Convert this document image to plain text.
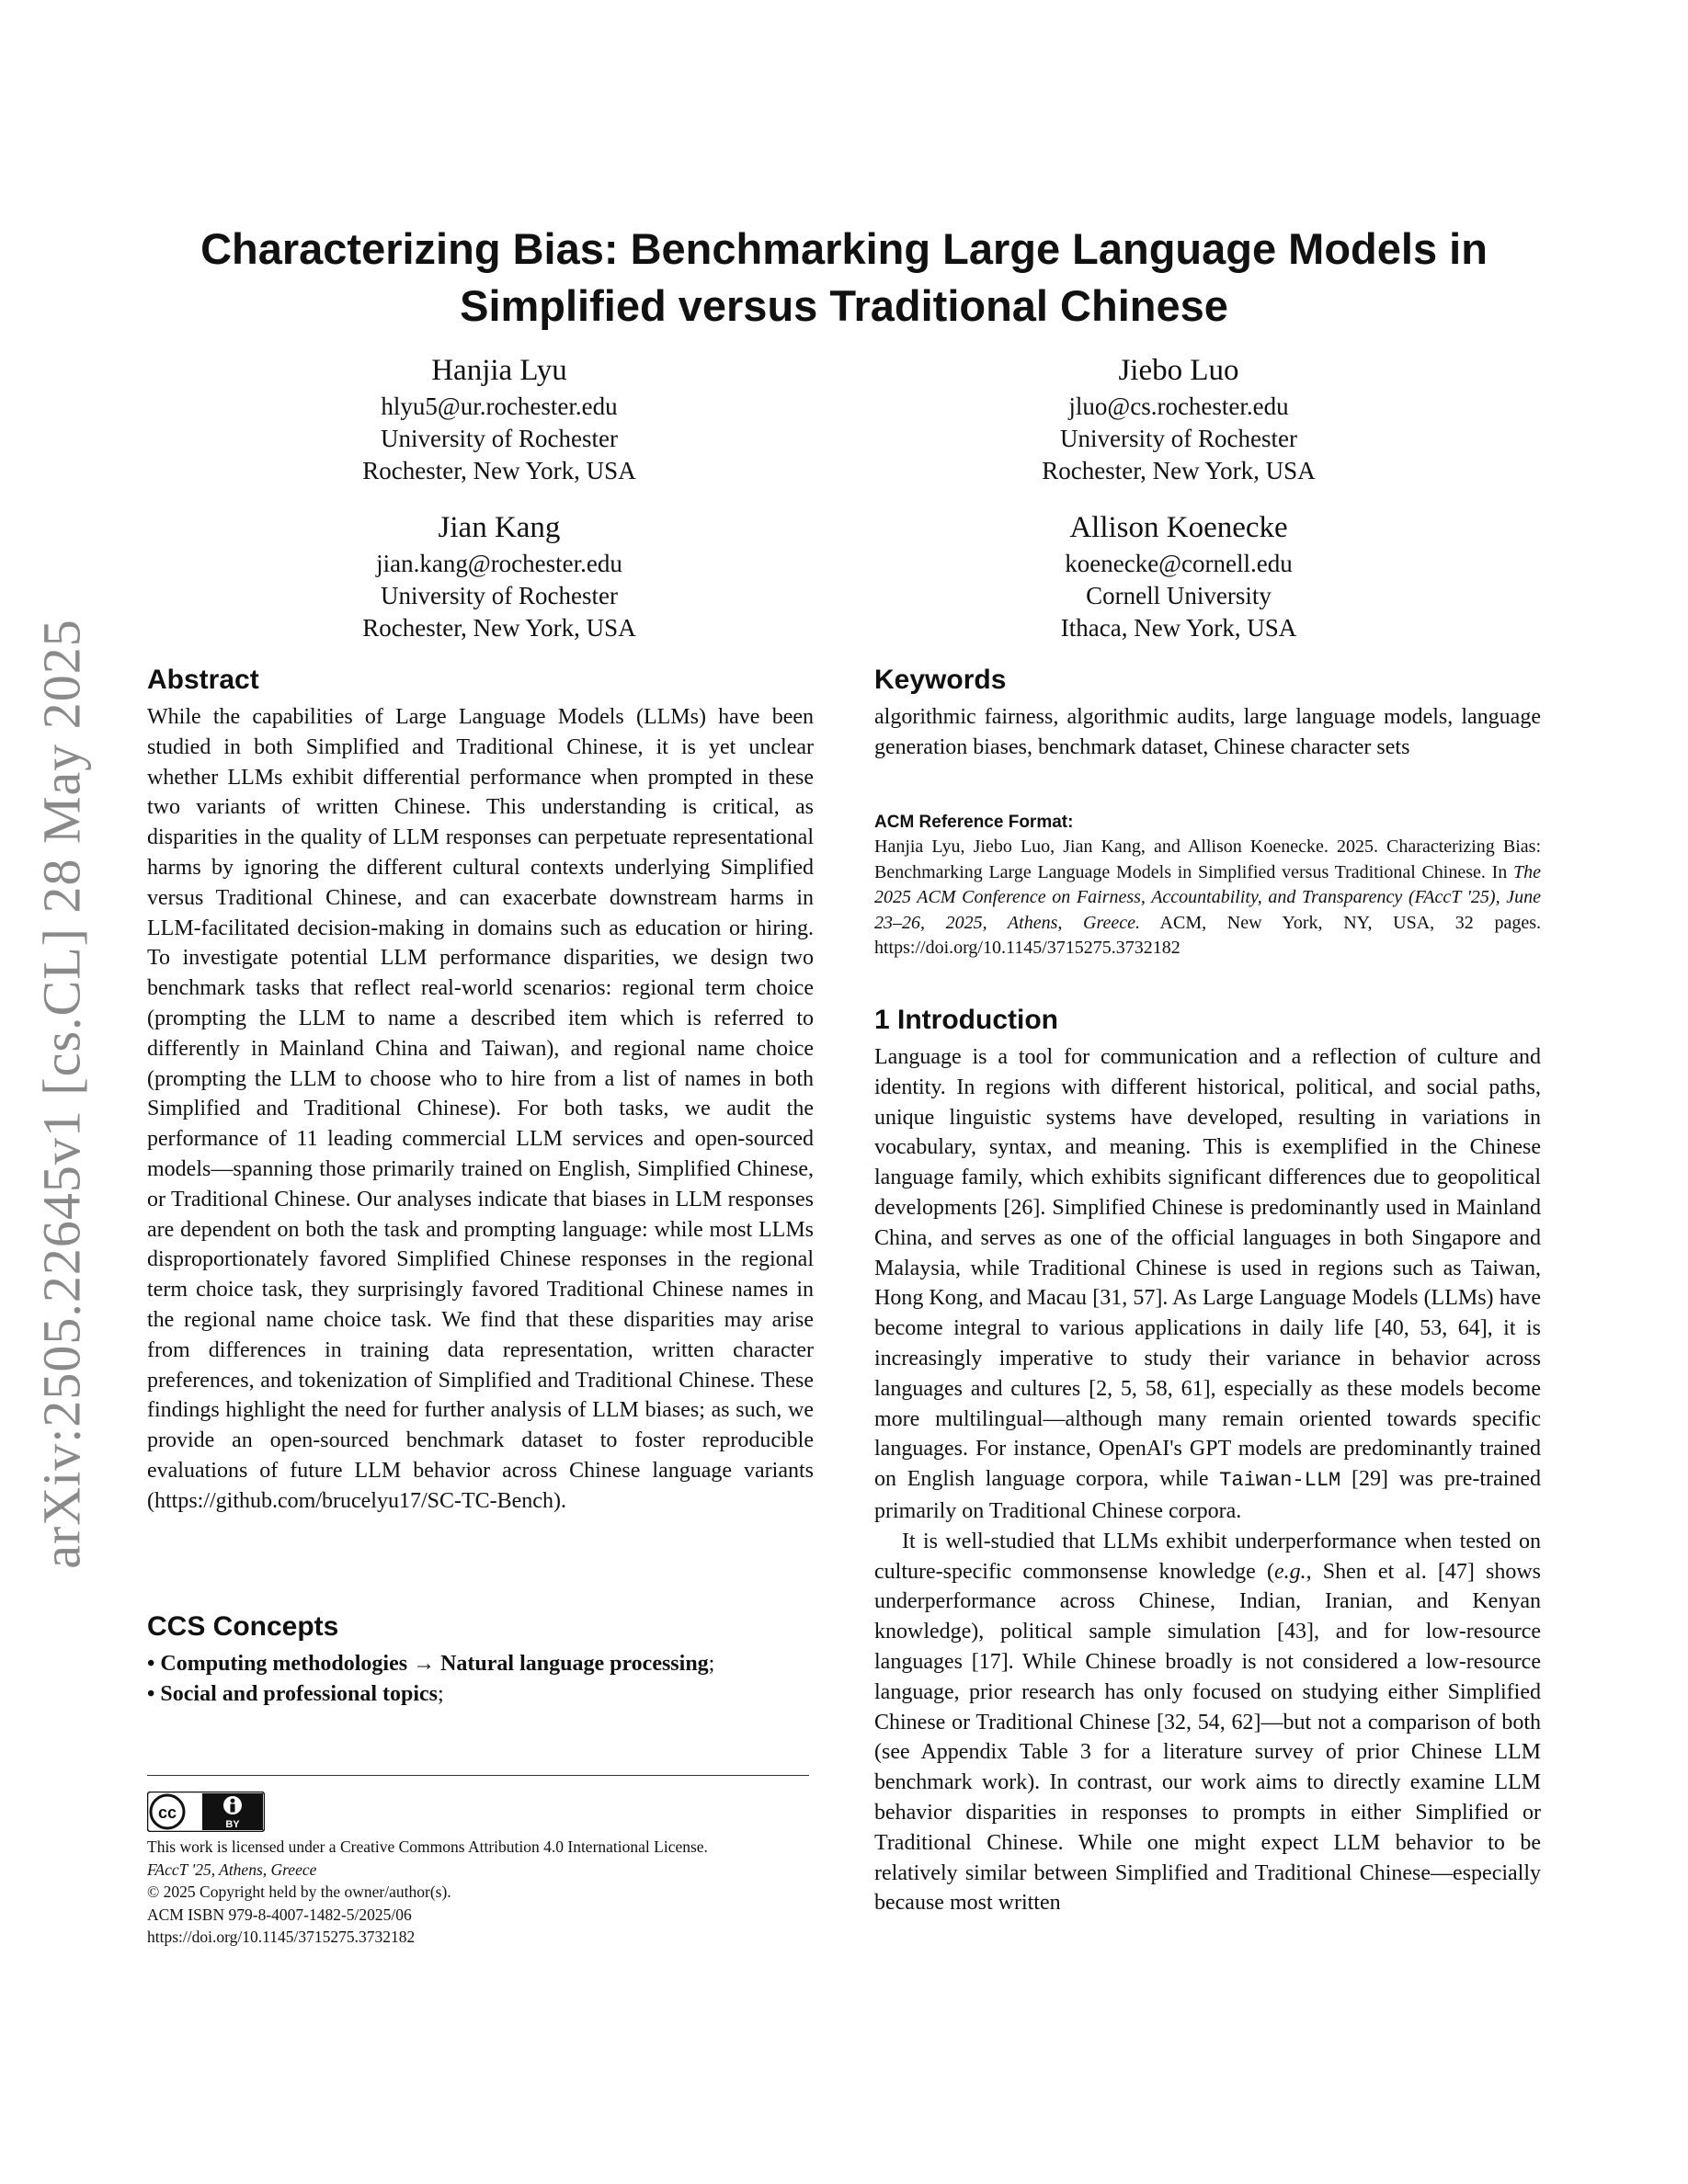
arXiv:2505.22645v1 [cs.CL] 28 May 2025
Characterizing Bias: Benchmarking Large Language Models in
Simplified versus Traditional Chinese
Hanjia Lyu
hlyu5@ur.rochester.edu
University of Rochester
Rochester, New York, USA
Jiebo Luo
jluo@cs.rochester.edu
University of Rochester
Rochester, New York, USA
Jian Kang
jian.kang@rochester.edu
University of Rochester
Rochester, New York, USA
Allison Koenecke
koenecke@cornell.edu
Cornell University
Ithaca, New York, USA
Abstract

While the capabilities of Large Language Models (LLMs) have been studied in both Simplified and Traditional Chinese, it is yet unclear whether LLMs exhibit differential performance when prompted in these two variants of written Chinese. This understanding is critical, as disparities in the quality of LLM responses can perpetuate representational harms by ignoring the different cultural contexts underlying Simplified versus Traditional Chinese, and can exacerbate downstream harms in LLM-facilitated decision-making in domains such as education or hiring. To investigate potential LLM performance disparities, we design two benchmark tasks that reflect real-world scenarios: regional term choice (prompting the LLM to name a described item which is referred to differently in Mainland China and Taiwan), and regional name choice (prompting the LLM to choose who to hire from a list of names in both Simplified and Traditional Chinese). For both tasks, we audit the performance of 11 leading commercial LLM services and open-sourced models—spanning those primarily trained on English, Simplified Chinese, or Traditional Chinese. Our analyses indicate that biases in LLM responses are dependent on both the task and prompting language: while most LLMs disproportionately favored Simplified Chinese responses in the regional term choice task, they surprisingly favored Traditional Chinese names in the regional name choice task. We find that these disparities may arise from differences in training data representation, written character preferences, and tokenization of Simplified and Traditional Chinese. These findings highlight the need for further analysis of LLM biases; as such, we provide an open-sourced benchmark dataset to foster reproducible evaluations of future LLM behavior across Chinese language variants (https://github.com/brucelyu17/SC-TC-Bench).

CCS Concepts
• Computing methodologies → Natural language processing;
• Social and professional topics;
cc
BY
This work is licensed under a Creative Commons Attribution 4.0 International License.
FAccT '25, Athens, Greece
© 2025 Copyright held by the owner/author(s).
ACM ISBN 979-8-4007-1482-5/2025/06
https://doi.org/10.1145/3715275.3732182
Keywords

algorithmic fairness, algorithmic audits, large language models, language generation biases, benchmark dataset, Chinese character sets

ACM Reference Format:
Hanjia Lyu, Jiebo Luo, Jian Kang, and Allison Koenecke. 2025. Characterizing Bias: Benchmarking Large Language Models in Simplified versus Traditional Chinese. In The 2025 ACM Conference on Fairness, Accountability, and Transparency (FAccT '25), June 23–26, 2025, Athens, Greece. ACM, New York, NY, USA, 32 pages. https://doi.org/10.1145/3715275.3732182
1 Introduction

Language is a tool for communication and a reflection of culture and identity. In regions with different historical, political, and social paths, unique linguistic systems have developed, resulting in variations in vocabulary, syntax, and meaning. This is exemplified in the Chinese language family, which exhibits significant differences due to geopolitical developments [26]. Simplified Chinese is predominantly used in Mainland China, and serves as one of the official languages in both Singapore and Malaysia, while Traditional Chinese is used in regions such as Taiwan, Hong Kong, and Macau [31, 57]. As Large Language Models (LLMs) have become integral to various applications in daily life [40, 53, 64], it is increasingly imperative to study their variance in behavior across languages and cultures [2, 5, 58, 61], especially as these models become more multilingual—although many remain oriented towards specific languages. For instance, OpenAI's GPT models are predominantly trained on English language corpora, while Taiwan-LLM [29] was pre-trained primarily on Traditional Chinese corpora.

It is well-studied that LLMs exhibit underperformance when tested on culture-specific commonsense knowledge (e.g., Shen et al. [47] shows underperformance across Chinese, Indian, Iranian, and Kenyan knowledge), political sample simulation [43], and for low-resource languages [17]. While Chinese broadly is not considered a low-resource language, prior research has only focused on studying either Simplified Chinese or Traditional Chinese [32, 54, 62]—but not a comparison of both (see Appendix Table 3 for a literature survey of prior Chinese LLM benchmark work). In contrast, our work aims to directly examine LLM behavior disparities in responses to prompts in either Simplified or Traditional Chinese. While one might expect LLM behavior to be relatively similar between Simplified and Traditional Chinese—especially because most written
